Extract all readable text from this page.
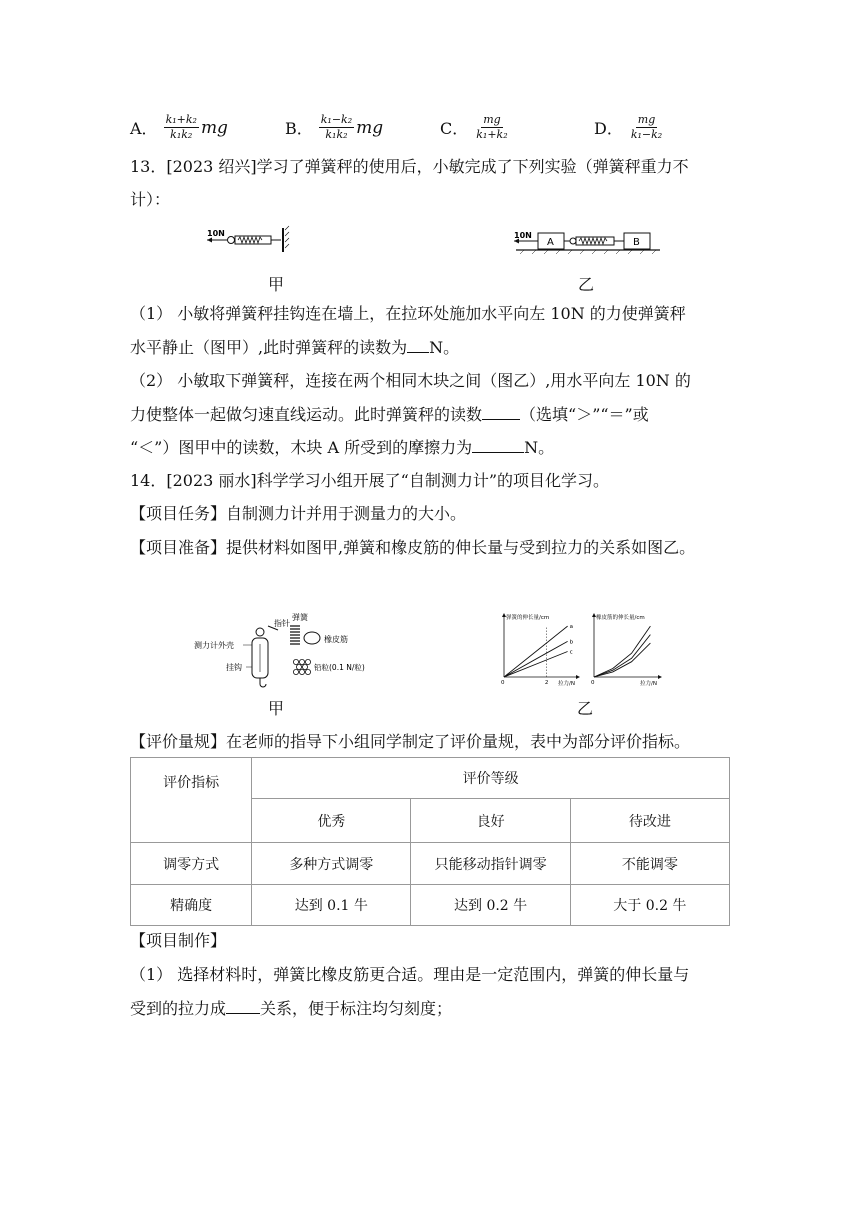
A． $\frac{\text{k₁+k₂}}{\text{k₁k₂}}$ mg	B． $\frac{\text{k₁−k₂}}{\text{k₁k₂}}$ mg	C． $\frac{mg}{\text{k₁+k₂}}$	D． $\frac{mg}{\text{k₁−k₂}}$
13．[2023 绍兴]学习了弹簧秤的使用后，小敏完成了下列实验（弹簧秤重力不
计）：
10N
甲
10N
A	B
乙
（1） 小敏将弹簧秤挂钩连在墙上，在拉环处施加水平向左 10N 的力使弹簧秤
水平静止（图甲）,此时弹簧秤的读数为 N。
（2） 小敏取下弹簧秤，连接在两个相同木块之间（图乙）,用水平向左 10N 的
力使整体一起做匀速直线运动。此时弹簧秤的读数 （选填“＞”“＝”或
“＜”）图甲中的读数，木块 A 所受到的摩擦力为	N。
14．[2023 丽水]科学学习小组开展了“自制测力计”的项目化学习。
【项目任务】自制测力计并用于测量力的大小。
【项目准备】提供材料如图甲,弹簧和橡皮筋的伸长量与受到拉力的关系如图乙。
测力计外壳
挂钩
指针
弹簧
橡皮筋
铅粒(0.1 N/粒)
甲
弹簧的伸长量/cm
拉力/N
0	2
a
b
c
橡皮筋的伸长量/cm
拉力/N
0
乙
【评价量规】在老师的指导下小组同学制定了评价量规，表中为部分评价指标。
评价指标	评价等级		
	优秀	良好	待改进
调零方式	多种方式调零	只能移动指针调零	不能调零
精确度	达到 0.1 牛	达到 0.2 牛	大于 0.2 牛
【项目制作】
（1） 选择材料时，弹簧比橡皮筋更合适。理由是一定范围内，弹簧的伸长量与
受到的拉力成 关系，便于标注均匀刻度；
